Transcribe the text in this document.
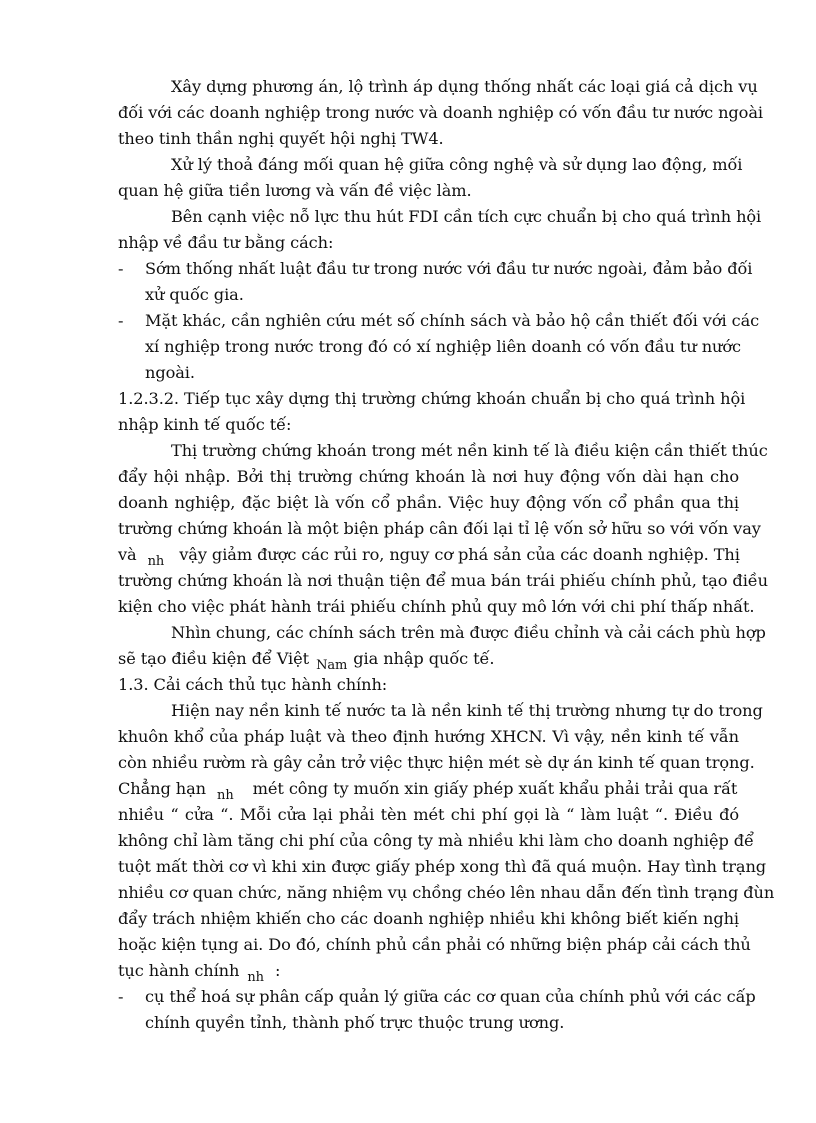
Xây dựng phương án, lộ trình áp dụng thống nhất các loại giá cả dịch vụ
đối với các doanh nghiệp trong nước và doanh nghiệp có vốn đầu tư nước ngoài
theo tinh thần nghị quyết hội nghị TW4.
Xử lý thoả đáng mối quan hệ giữa công nghệ và sử dụng lao động, mối
quan hệ giữa tiền lương và vấn đề việc làm.
Bên cạnh việc nỗ lực thu hút FDI cần tích cực chuẩn bị cho quá trình hội
nhập về đầu tư bằng cách:
- Sớm thống nhất luật đầu tư trong nước với đầu tư nước ngoài, đảm bảo đối
xử quốc gia.
- Mặt khác, cần nghiên cứu mét số chính sách và bảo hộ cần thiết đối với các
xí nghiệp trong nước trong đó có xí nghiệp liên doanh có vốn đầu tư nước
ngoài.
1.2.3.2. Tiếp tục xây dựng thị trường chứng khoán chuẩn bị cho quá trình hội
nhập kinh tế quốc tế:
Thị trường chứng khoán trong mét nền kinh tế là điều kiện cần thiết thúc
đẩy hội nhập. Bởi thị trường chứng khoán là nơi huy động vốn dài hạn cho
doanh nghiệp, đặc biệt là vốn cổ phần. Việc huy động vốn cổ phần qua thị
trường chứng khoán là một biện pháp cân đối lại tỉ lệ vốn sở hữu so với vốn vay
và $_{nh}$ vậy giảm được các rủi ro, nguy cơ phá sản của các doanh nghiệp. Thị
trường chứng khoán là nơi thuận tiện để mua bán trái phiếu chính phủ, tạo điều
kiện cho việc phát hành trái phiếu chính phủ quy mô lớn với chi phí thấp nhất.
Nhìn chung, các chính sách trên mà được điều chỉnh và cải cách phù hợp
sẽ tạo điều kiện để Việt $_{Nam}$ gia nhập quốc tế.
1.3. Cải cách thủ tục hành chính:
Hiện nay nền kinh tế nước ta là nền kinh tế thị trường nhưng tự do trong
khuôn khổ của pháp luật và theo định hướng XHCN. Vì vậy, nền kinh tế vẫn
còn nhiều rườm rà gây cản trở việc thực hiện mét sè dự án kinh tế quan trọng.
Chẳng hạn $_{nh}$ mét công ty muốn xin giấy phép xuất khẩu phải trải qua rất
nhiều “ cửa “. Mỗi cửa lại phải tèn mét chi phí gọi là “ làm luật “. Điều đó
không chỉ làm tăng chi phí của công ty mà nhiều khi làm cho doanh nghiệp để
tuột mất thời cơ vì khi xin được giấy phép xong thì đã quá muộn. Hay tình trạng
nhiều cơ quan chức, năng nhiệm vụ chồng chéo lên nhau dẫn đến tình trạng đùn
đẩy trách nhiệm khiến cho các doanh nghiệp nhiều khi không biết kiến nghị
hoặc kiện tụng ai. Do đó, chính phủ cần phải có những biện pháp cải cách thủ
tục hành chính $_{nh}$ :
- cụ thể hoá sự phân cấp quản lý giữa các cơ quan của chính phủ với các cấp
chính quyền tỉnh, thành phố trực thuộc trung ương.
